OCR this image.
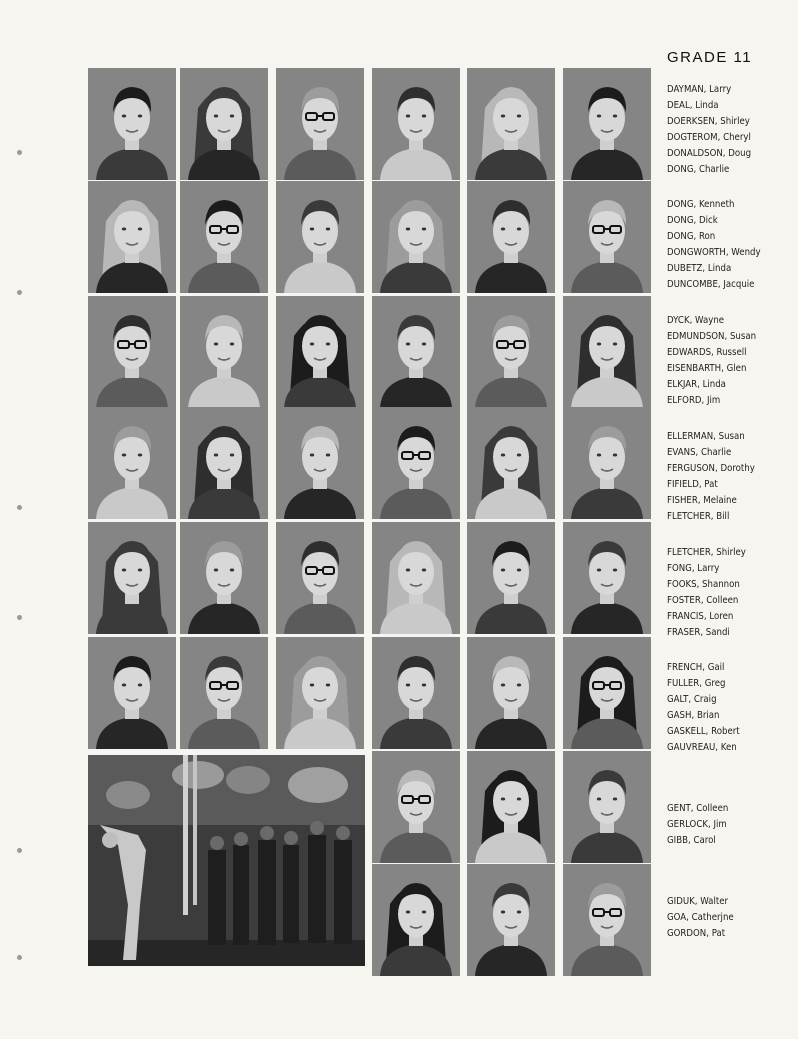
GRADE 11
DAYMAN, Larry
DEAL, Linda
DOERKSEN, Shirley
DOGTEROM, Cheryl
DONALDSON, Doug
DONG, Charlie
DONG, Kenneth
DONG, Dick
DONG, Ron
DONGWORTH, Wendy
DUBETZ, Linda
DUNCOMBE, Jacquie
DYCK, Wayne
EDMUNDSON, Susan
EDWARDS, Russell
EISENBARTH, Glen
ELKJAR, Linda
ELFORD, Jim
ELLERMAN, Susan
EVANS, Charlie
FERGUSON, Dorothy
FIFIELD, Pat
FISHER, Melaine
FLETCHER, Bill
FLETCHER, Shirley
FONG, Larry
FOOKS, Shannon
FOSTER, Colleen
FRANCIS, Loren
FRASER, Sandi
FRENCH, Gail
FULLER, Greg
GALT, Craig
GASH, Brian
GASKELL, Robert
GAUVREAU, Ken
GENT, Colleen
GERLOCK, Jim
GIBB, Carol
GIDUK, Walter
GOA, Catherjne
GORDON, Pat
